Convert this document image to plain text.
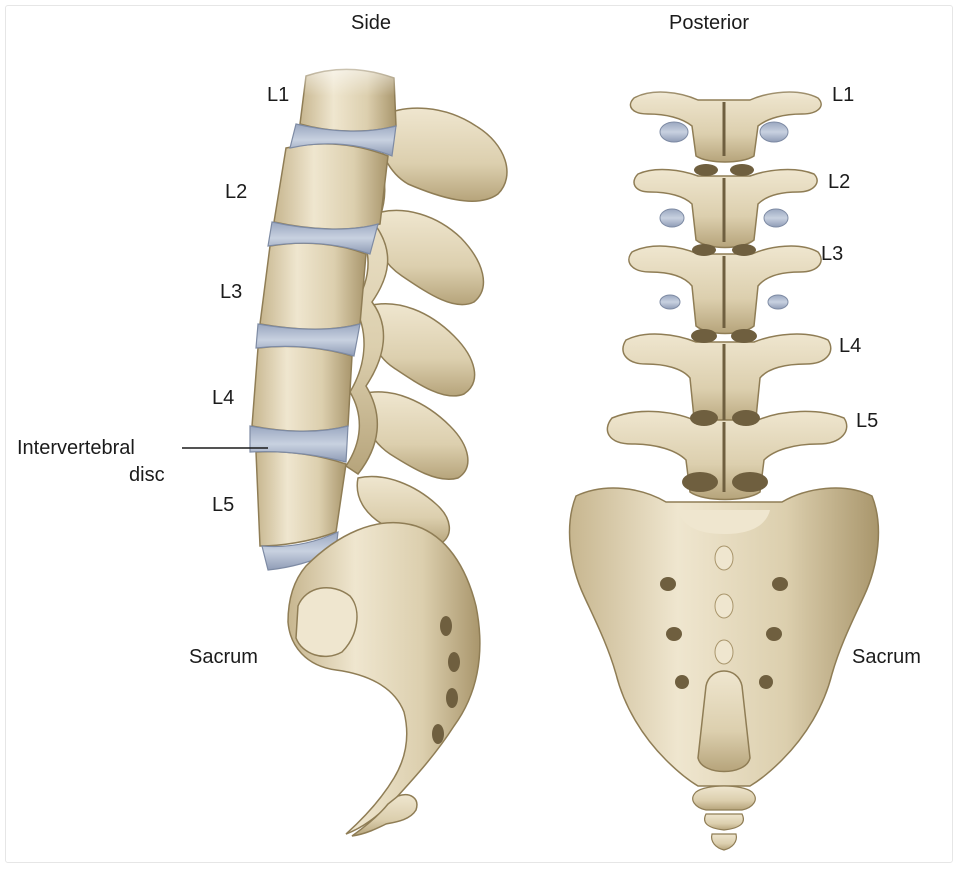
Side	Posterior
L1
L2
L3
L4
Intervertebral
disc
L5
Sacrum
L1
L2
L3
L4
L5
Sacrum
